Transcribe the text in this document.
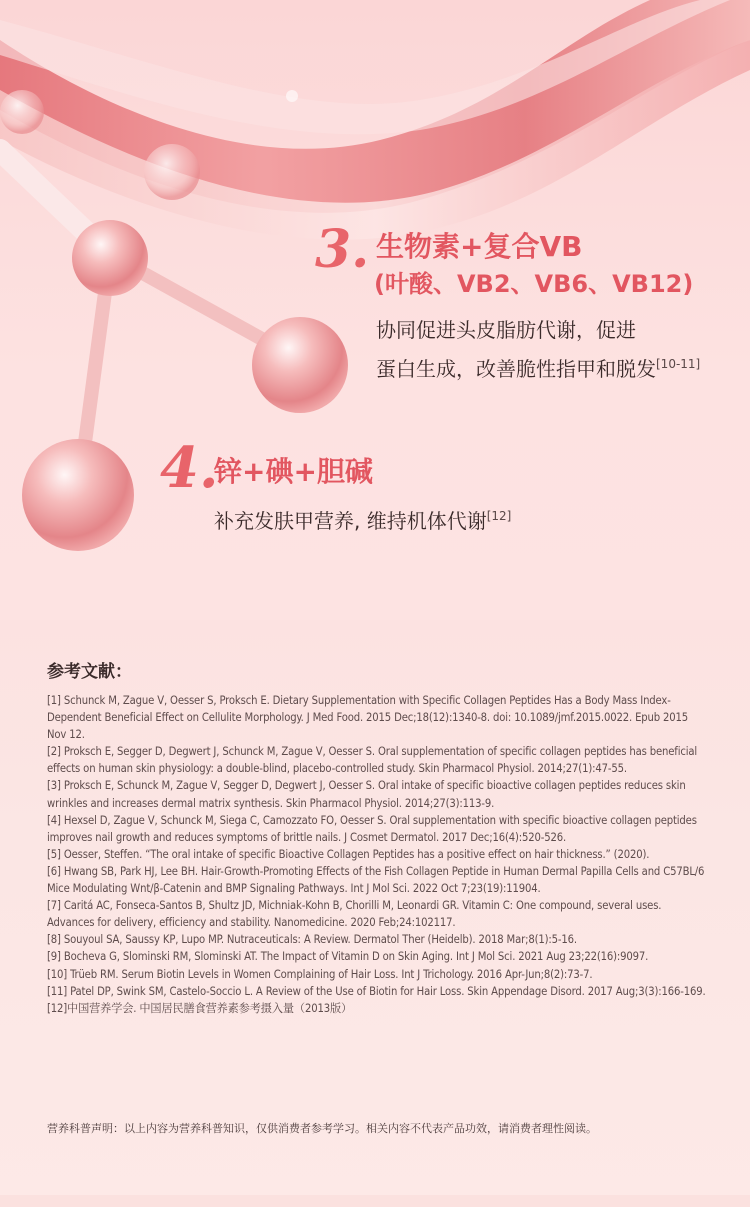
3. 生物素+复合VB
(叶酸、VB2、VB6、VB12)

协同促进头皮脂肪代谢，促进

蛋白生成，改善脆性指甲和脱发[10-11]

4.
锌+碘+胆碱

补充发肤甲营养, 维持机体代谢[12]

参考文献：
[1] Schunck M, Zague V, Oesser S, Proksch E. Dietary Supplementation with Specific Collagen Peptides Has a Body Mass Index-Dependent Beneficial Effect on Cellulite Morphology. J Med Food. 2015 Dec;18(12):1340-8. doi: 10.1089/jmf.2015.0022. Epub 2015 Nov 12.
[2] Proksch E, Segger D, Degwert J, Schunck M, Zague V, Oesser S. Oral supplementation of specific collagen peptides has beneficial effects on human skin physiology: a double-blind, placebo-controlled study. Skin Pharmacol Physiol. 2014;27(1):47-55.
[3] Proksch E, Schunck M, Zague V, Segger D, Degwert J, Oesser S. Oral intake of specific bioactive collagen peptides reduces skin wrinkles and increases dermal matrix synthesis. Skin Pharmacol Physiol. 2014;27(3):113-9.
[4] Hexsel D, Zague V, Schunck M, Siega C, Camozzato FO, Oesser S. Oral supplementation with specific bioactive collagen peptides improves nail growth and reduces symptoms of brittle nails. J Cosmet Dermatol. 2017 Dec;16(4):520-526.
[5] Oesser, Steffen. “The oral intake of specific Bioactive Collagen Peptides has a positive effect on hair thickness.” (2020).
[6] Hwang SB, Park HJ, Lee BH. Hair-Growth-Promoting Effects of the Fish Collagen Peptide in Human Dermal Papilla Cells and C57BL/6 Mice Modulating Wnt/β-Catenin and BMP Signaling Pathways. Int J Mol Sci. 2022 Oct 7;23(19):11904.
[7] Caritá AC, Fonseca-Santos B, Shultz JD, Michniak-Kohn B, Chorilli M, Leonardi GR. Vitamin C: One compound, several uses. Advances for delivery, efficiency and stability. Nanomedicine. 2020 Feb;24:102117.
[8] Souyoul SA, Saussy KP, Lupo MP. Nutraceuticals: A Review. Dermatol Ther (Heidelb). 2018 Mar;8(1):5-16.
[9] Bocheva G, Slominski RM, Slominski AT. The Impact of Vitamin D on Skin Aging. Int J Mol Sci. 2021 Aug 23;22(16):9097.
[10] Trüeb RM. Serum Biotin Levels in Women Complaining of Hair Loss. Int J Trichology. 2016 Apr-Jun;8(2):73-7.
[11] Patel DP, Swink SM, Castelo-Soccio L. A Review of the Use of Biotin for Hair Loss. Skin Appendage Disord. 2017 Aug;3(3):166-169.
[12]中国营养学会. 中国居民膳食营养素参考摄入量（2013版）

营养科普声明：以上内容为营养科普知识，仅供消费者参考学习。相关内容不代表产品功效，请消费者理性阅读。
